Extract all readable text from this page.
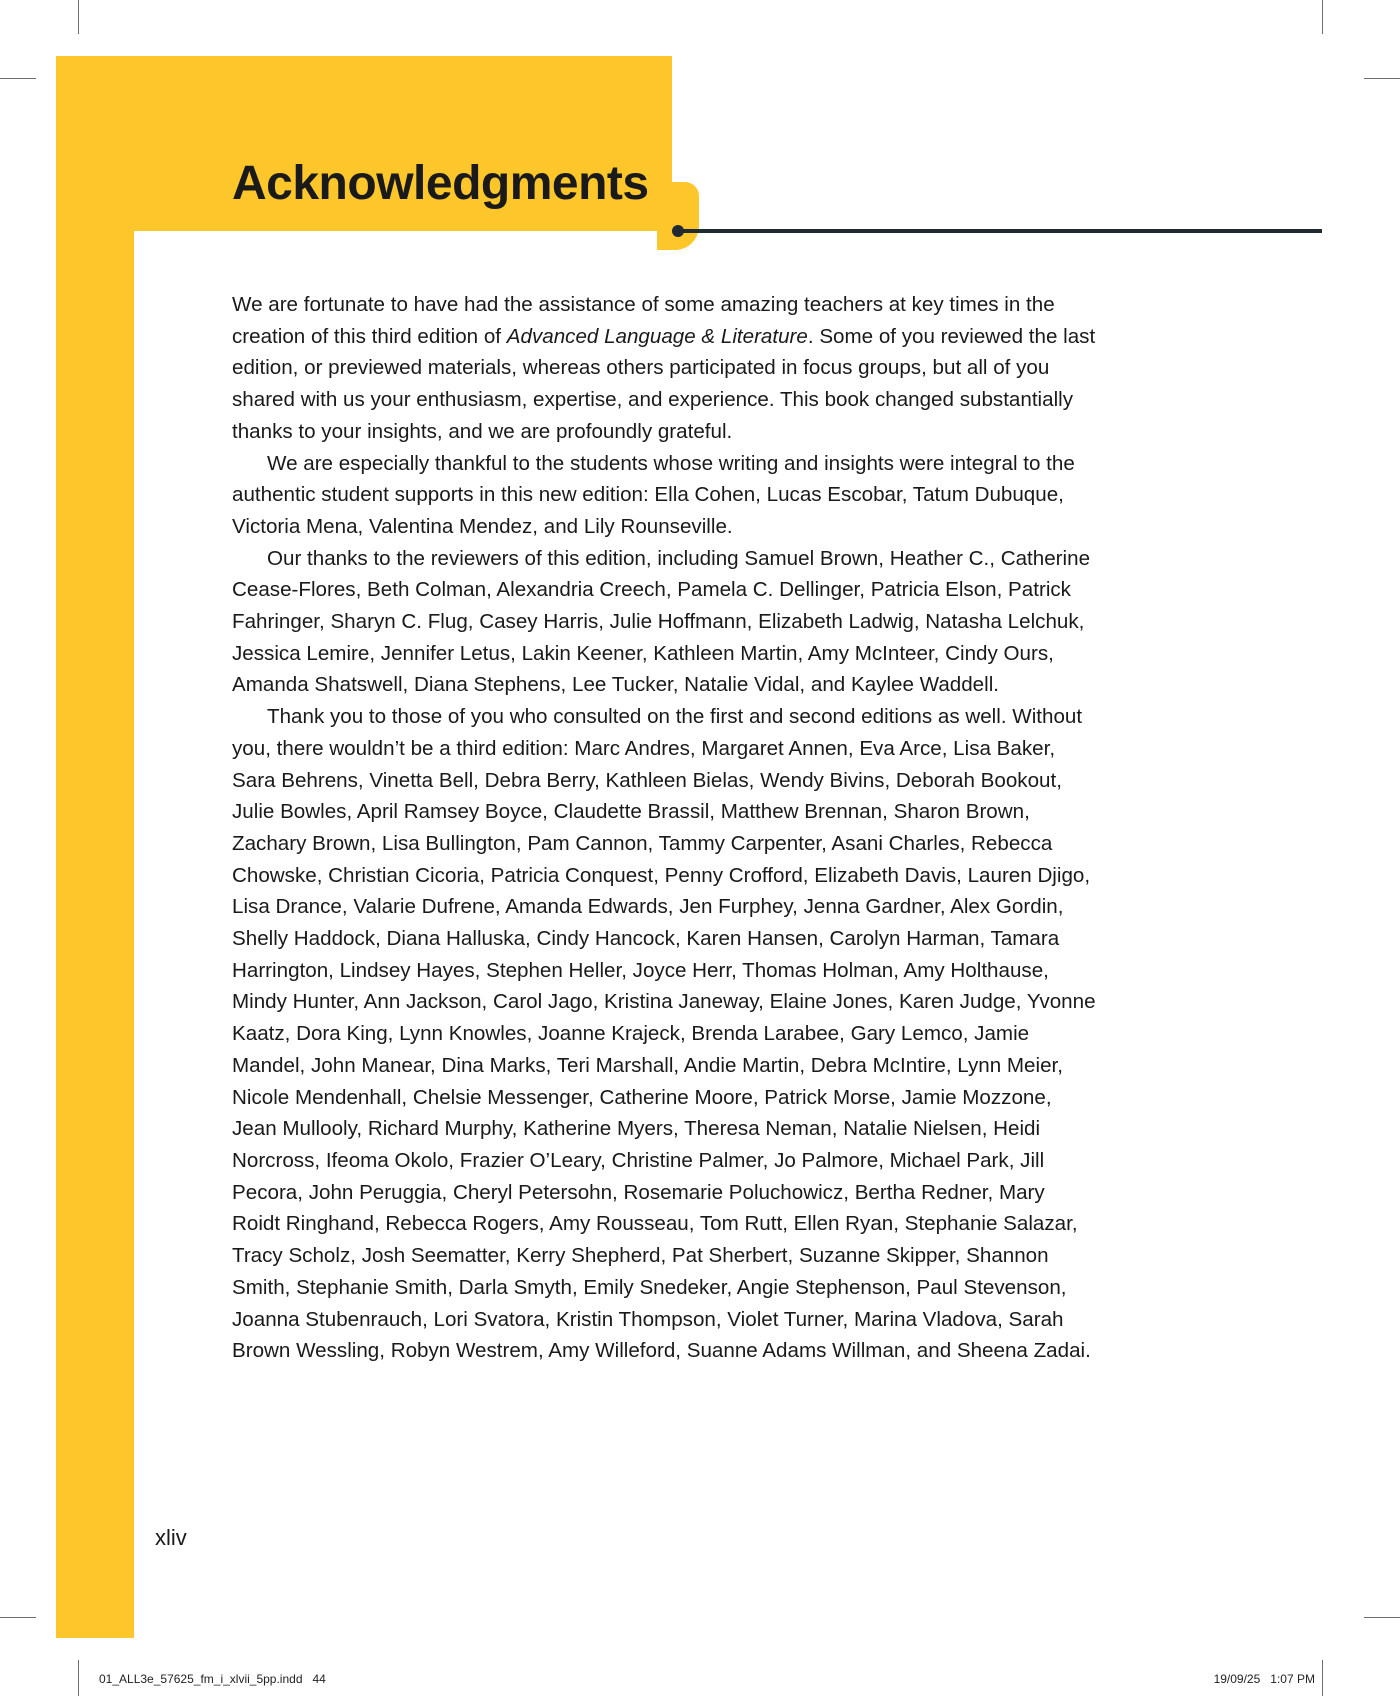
Acknowledgments

We are fortunate to have had the assistance of some amazing teachers at key times in the creation of this third edition of Advanced Language & Literature. Some of you reviewed the last edition, or previewed materials, whereas others participated in focus groups, but all of you shared with us your enthusiasm, expertise, and experience. This book changed substantially thanks to your insights, and we are profoundly grateful.

We are especially thankful to the students whose writing and insights were integral to the authentic student supports in this new edition: Ella Cohen, Lucas Escobar, Tatum Dubuque, Victoria Mena, Valentina Mendez, and Lily Rounseville.

Our thanks to the reviewers of this edition, including Samuel Brown, Heather C., Catherine Cease-Flores, Beth Colman, Alexandria Creech, Pamela C. Dellinger, Patricia Elson, Patrick Fahringer, Sharyn C. Flug, Casey Harris, Julie Hoffmann, Elizabeth Ladwig, Natasha Lelchuk, Jessica Lemire, Jennifer Letus, Lakin Keener, Kathleen Martin, Amy McInteer, Cindy Ours, Amanda Shatswell, Diana Stephens, Lee Tucker, Natalie Vidal, and Kaylee Waddell.

Thank you to those of you who consulted on the first and second editions as well. Without you, there wouldn’t be a third edition: Marc Andres, Margaret Annen, Eva Arce, Lisa Baker, Sara Behrens, Vinetta Bell, Debra Berry, Kathleen Bielas, Wendy Bivins, Deborah Bookout, Julie Bowles, April Ramsey Boyce, Claudette Brassil, Matthew Brennan, Sharon Brown, Zachary Brown, Lisa Bullington, Pam Cannon, Tammy Carpenter, Asani Charles, Rebecca Chowske, Christian Cicoria, Patricia Conquest, Penny Crofford, Elizabeth Davis, Lauren Djigo, Lisa Drance, Valarie Dufrene, Amanda Edwards, Jen Furphey, Jenna Gardner, Alex Gordin, Shelly Haddock, Diana Halluska, Cindy Hancock, Karen Hansen, Carolyn Harman, Tamara Harrington, Lindsey Hayes, Stephen Heller, Joyce Herr, Thomas Holman, Amy Holthause, Mindy Hunter, Ann Jackson, Carol Jago, Kristina Janeway, Elaine Jones, Karen Judge, Yvonne Kaatz, Dora King, Lynn Knowles, Joanne Krajeck, Brenda Larabee, Gary Lemco, Jamie Mandel, John Manear, Dina Marks, Teri Marshall, Andie Martin, Debra McIntire, Lynn Meier, Nicole Mendenhall, Chelsie Messenger, Catherine Moore, Patrick Morse, Jamie Mozzone, Jean Mullooly, Richard Murphy, Katherine Myers, Theresa Neman, Natalie Nielsen, Heidi Norcross, Ifeoma Okolo, Frazier O’Leary, Christine Palmer, Jo Palmore, Michael Park, Jill Pecora, John Peruggia, Cheryl Petersohn, Rosemarie Poluchowicz, Bertha Redner, Mary Roidt Ringhand, Rebecca Rogers, Amy Rousseau, Tom Rutt, Ellen Ryan, Stephanie Salazar, Tracy Scholz, Josh Seematter, Kerry Shepherd, Pat Sherbert, Suzanne Skipper, Shannon Smith, Stephanie Smith, Darla Smyth, Emily Snedeker, Angie Stephenson, Paul Stevenson, Joanna Stubenrauch, Lori Svatora, Kristin Thompson, Violet Turner, Marina Vladova, Sarah Brown Wessling, Robyn Westrem, Amy Willeford, Suanne Adams Willman, and Sheena Zadai.

xliv
01_ALL3e_57625_fm_i_xlvii_5pp.indd   44	19/09/25 1:07 PM
